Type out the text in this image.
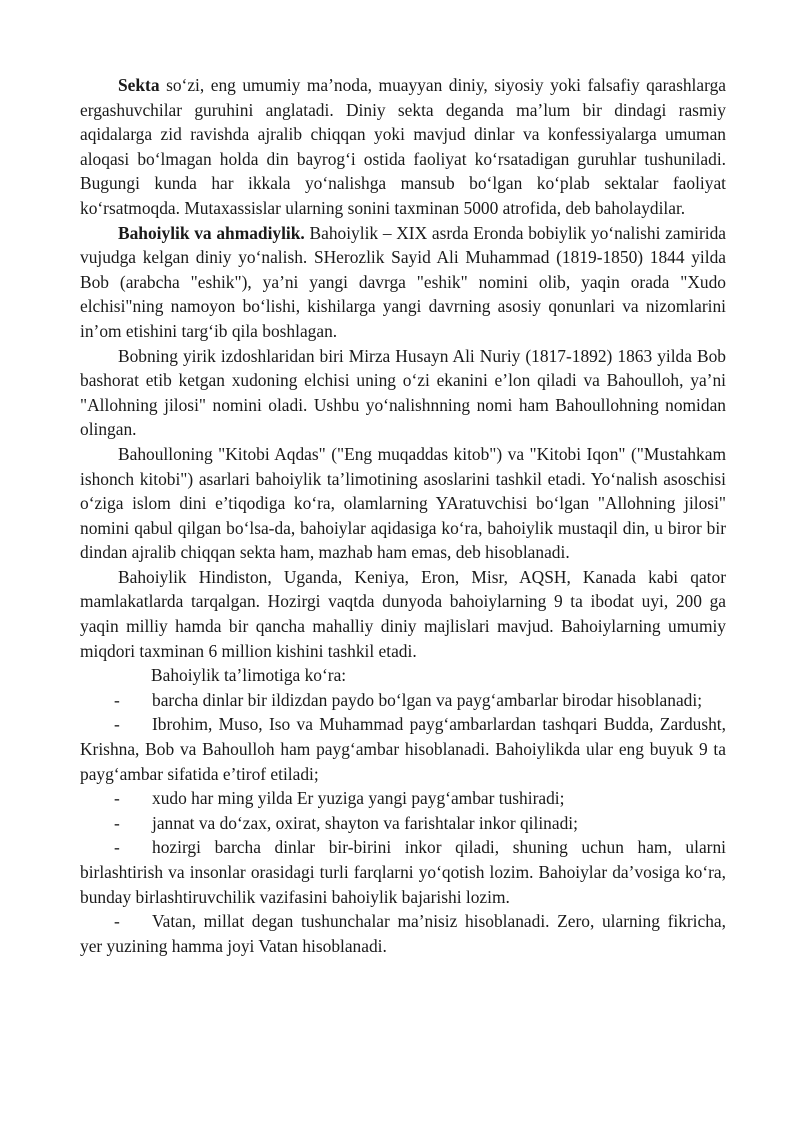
Sekta so‘zi, eng umumiy ma’noda, muayyan diniy, siyosiy yoki falsafiy qarashlarga ergashuvchilar guruhini anglatadi. Diniy sekta deganda ma’lum bir dindagi rasmiy aqidalarga zid ravishda ajralib chiqqan yoki mavjud dinlar va konfessiyalarga umuman aloqasi bo‘lmagan holda din bayrog‘i ostida faoliyat ko‘rsatadigan guruhlar tushuniladi. Bugungi kunda har ikkala yo‘nalishga mansub bo‘lgan ko‘plab sektalar faoliyat ko‘rsatmoqda. Mutaxassislar ularning sonini taxminan 5000 atrofida, deb baholaydilar.

Bahoiylik va ahmadiylik. Bahoiylik – XIX asrda Eronda bobiylik yo‘nalishi zamirida vujudga kelgan diniy yo‘nalish. SHerozlik Sayid Ali Muhammad (1819-1850) 1844 yilda Bob (arabcha "eshik"), ya’ni yangi davrga "eshik" nomini olib, yaqin orada "Xudo elchisi"ning namoyon bo‘lishi, kishilarga yangi davrning asosiy qonunlari va nizomlarini in’om etishini targ‘ib qila boshlagan.

Bobning yirik izdoshlaridan biri Mirza Husayn Ali Nuriy (1817-1892) 1863 yilda Bob bashorat etib ketgan xudoning elchisi uning o‘zi ekanini e’lon qiladi va Bahoulloh, ya’ni "Allohning jilosi" nomini oladi. Ushbu yo‘nalishnning nomi ham Bahoullohning nomidan olingan.

Bahoulloning "Kitobi Aqdas" ("Eng muqaddas kitob") va "Kitobi Iqon" ("Mustahkam ishonch kitobi") asarlari bahoiylik ta’limotining asoslarini tashkil etadi. Yo‘nalish asoschisi o‘ziga islom dini e’tiqodiga ko‘ra, olamlarning YAratuvchisi bo‘lgan "Allohning jilosi" nomini qabul qilgan bo‘lsa-da, bahoiylar aqidasiga ko‘ra, bahoiylik mustaqil din, u biror bir dindan ajralib chiqqan sekta ham, mazhab ham emas, deb hisoblanadi.

Bahoiylik Hindiston, Uganda, Keniya, Eron, Misr, AQSH, Kanada kabi qator mamlakatlarda tarqalgan. Hozirgi vaqtda dunyoda bahoiylarning 9 ta ibodat uyi, 200 ga yaqin milliy hamda bir qancha mahalliy diniy majlislari mavjud. Bahoiylarning umumiy miqdori taxminan 6 million kishini tashkil etadi.

Bahoiylik ta’limotiga ko‘ra:

- barcha dinlar bir ildizdan paydo bo‘lgan va payg‘ambarlar birodar hisoblanadi;

- Ibrohim, Muso, Iso va Muhammad payg‘ambarlardan tashqari Budda, Zardusht, Krishna, Bob va Bahoulloh ham payg‘ambar hisoblanadi. Bahoiylikda ular eng buyuk 9 ta payg‘ambar sifatida e’tirof etiladi;

- xudo har ming yilda Er yuziga yangi payg‘ambar tushiradi;

- jannat va do‘zax, oxirat, shayton va farishtalar inkor qilinadi;

- hozirgi barcha dinlar bir-birini inkor qiladi, shuning uchun ham, ularni birlashtirish va insonlar orasidagi turli farqlarni yo‘qotish lozim. Bahoiylar da’vosiga ko‘ra, bunday birlashtiruvchilik vazifasini bahoiylik bajarishi lozim.

- Vatan, millat degan tushunchalar ma’nisiz hisoblanadi. Zero, ularning fikricha, yer yuzining hamma joyi Vatan hisoblanadi.
